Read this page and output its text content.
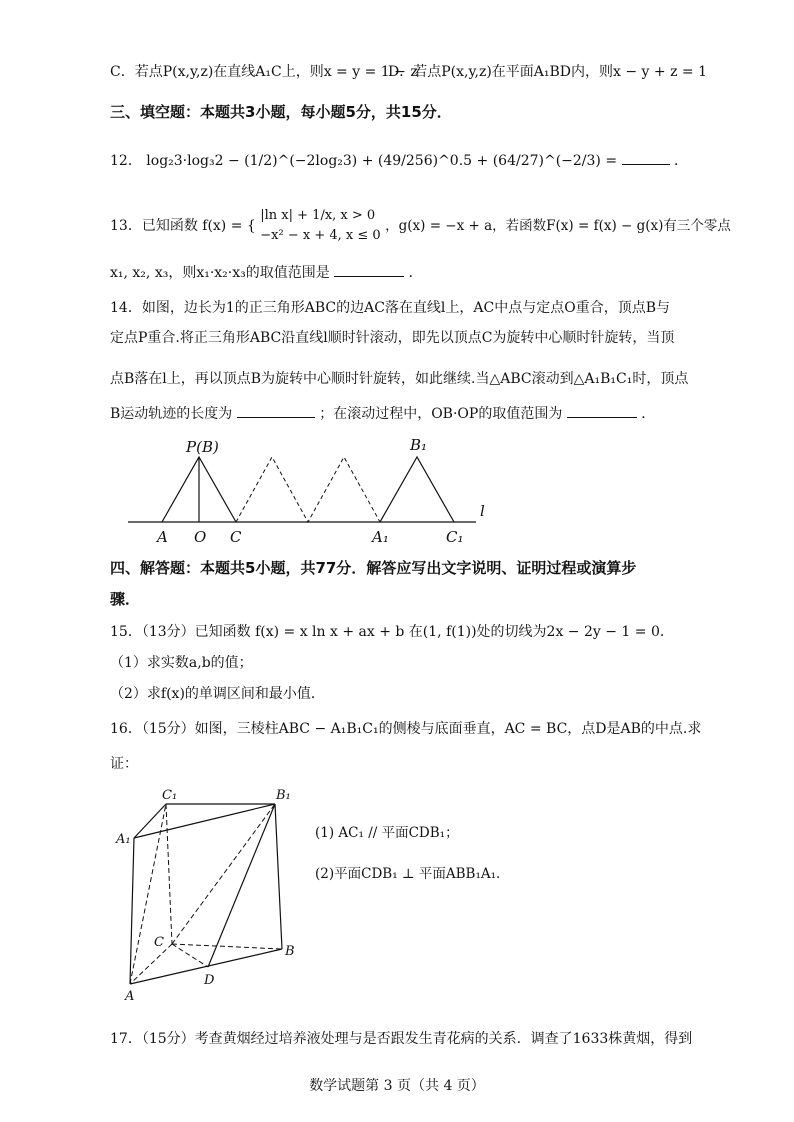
C．若点P(x,y,z)在直线A₁C上，则x = y = 1 − z
D．若点P(x,y,z)在平面A₁BD内，则x − y + z = 1
三、填空题：本题共3小题，每小题5分，共15分．
12． log₂3·log₃2 − (1/2)^(−2log₂3) + (49/256)^0.5 + (64/27)^(−2/3) =	．
13．已知函数 f(x) = {
|ln x| + 1/x, x > 0
−x² − x + 4, x ≤ 0
，g(x) = −x + a，若函数F(x) = f(x) − g(x)有三个零点
x₁, x₂, x₃，则x₁·x₂·x₃的取值范围是	．
14．如图，边长为1的正三角形ABC的边AC落在直线l上，AC中点与定点O重合，顶点B与
定点P重合.将正三角形ABC沿直线l顺时针滚动，即先以顶点C为旋转中心顺时针旋转，当顶
点B落在l上，再以顶点B为旋转中心顺时针旋转，如此继续.当△ABC滚动到△A₁B₁C₁时，顶点
B运动轨迹的长度为	；在滚动过程中，OB·OP的取值范围为	．
P(B)	B₁
A O C	A₁	C₁
l
四、解答题：本题共5小题，共77分．解答应写出文字说明、证明过程或演算步
骤．
15．（13分）已知函数 f(x) = x ln x + ax + b 在(1, f(1))处的切线为2x − 2y − 1 = 0．
（1）求实数a,b的值；
（2）求f(x)的单调区间和最小值．
16．（15分）如图，三棱柱ABC − A₁B₁C₁的侧棱与底面垂直，AC = BC，点D是AB的中点.求
证：
C₁	B₁
A₁
C
B
D
A
(1) AC₁ // 平面CDB₁；
(2)平面CDB₁ ⊥ 平面ABB₁A₁．
17．（15分）考查黄烟经过培养液处理与是否跟发生青花病的关系．调查了1633株黄烟，得到
数学试题第 3 页（共 4 页）
